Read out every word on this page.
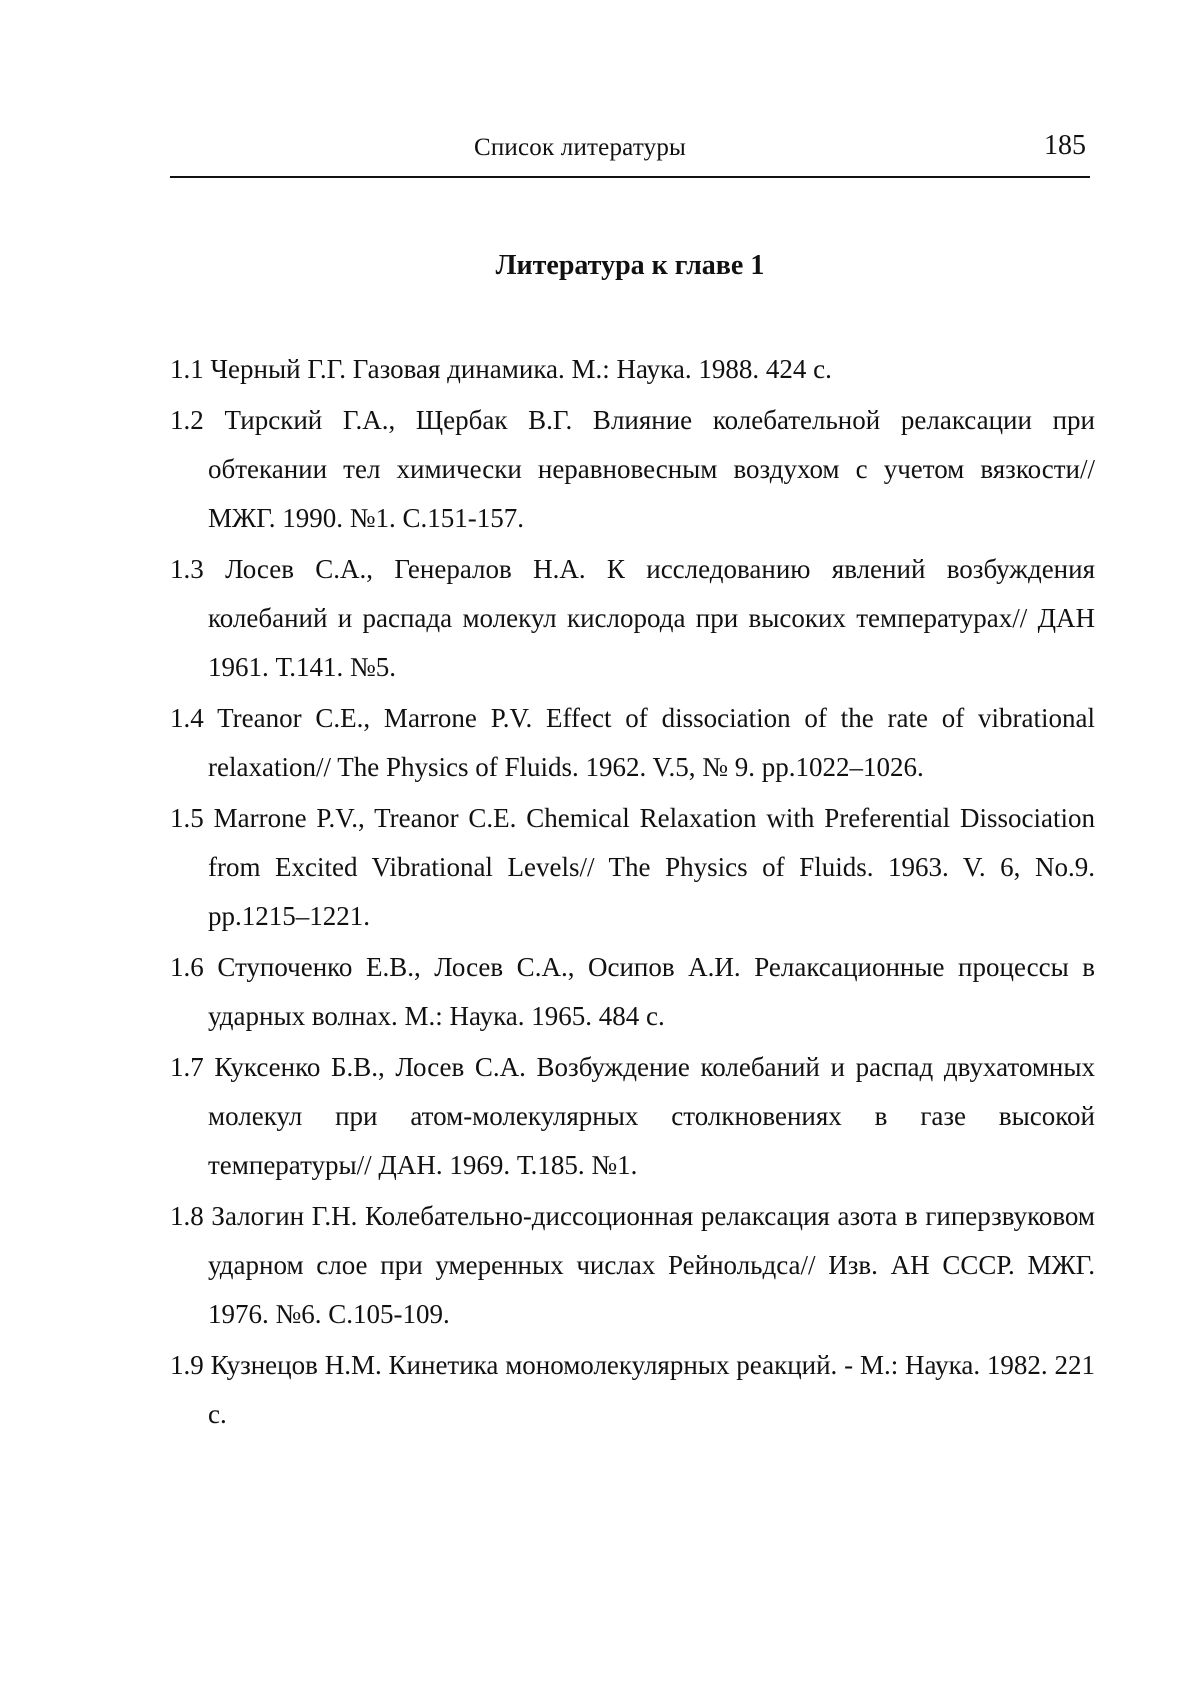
Список литературы	185
Литература к главе 1
1.1 Черный Г.Г. Газовая динамика. М.: Наука. 1988. 424 с.
1.2 Тирский Г.А., Щербак В.Г. Влияние колебательной релаксации при обтекании тел химически неравновесным воздухом с учетом вязкости// МЖГ. 1990. №1. С.151-157.
1.3 Лосев С.А., Генералов Н.А. К исследованию явлений возбуждения колебаний и распада молекул кислорода при высоких температурах// ДАН 1961. Т.141. №5.
1.4 Treanor C.E., Marrone P.V. Effect of dissociation of the rate of vibrational relaxation// The Physics of Fluids. 1962. V.5, № 9. pp.1022–1026.
1.5 Marrone P.V., Treanor C.E. Chemical Relaxation with Preferential Dissociation from Excited Vibrational Levels// The Physics of Fluids. 1963. V. 6, No.9. pp.1215–1221.
1.6 Ступоченко Е.В., Лосев С.А., Осипов А.И. Релаксационные процессы в ударных волнах. М.: Наука. 1965. 484 с.
1.7 Куксенко Б.В., Лосев С.А. Возбуждение колебаний и распад двухатомных молекул при атом-молекулярных столкновениях в газе высокой температуры// ДАН. 1969. Т.185. №1.
1.8 Залогин Г.Н. Колебательно-диссоционная релаксация азота в гиперзвуковом ударном слое при умеренных числах Рейнольдса// Изв. АН СССР. МЖГ. 1976. №6. С.105-109.
1.9 Кузнецов Н.М. Кинетика мономолекулярных реакций. - М.: Наука. 1982. 221 с.
